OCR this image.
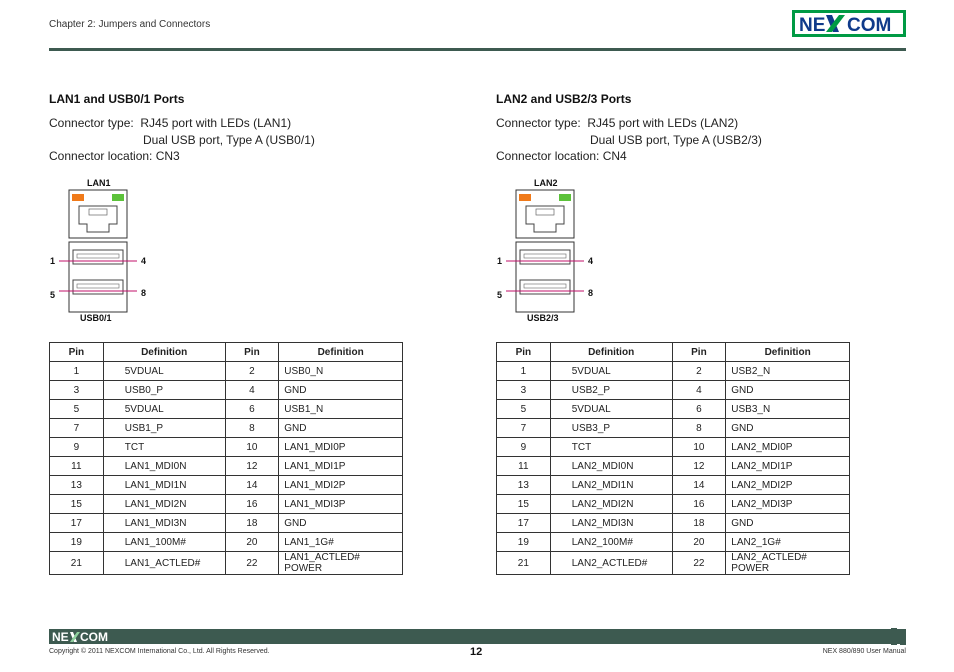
Chapter 2: Jumpers and Connectors	NE COM
LAN1 and USB0/1 Ports
Connector type: RJ45 port with LEDs (LAN1)
Dual USB port, Type A (USB0/1)
Connector location: CN3
LAN1
1	4
5	8
USB0/1
Pin	Definition	Pin	Definition
1	5VDUAL	2	USB0_N
3	USB0_P	4	GND
5	5VDUAL	6	USB1_N
7	USB1_P	8	GND
9	TCT	10	LAN1_MDI0P
11	LAN1_MDI0N	12	LAN1_MDI1P
13	LAN1_MDI1N	14	LAN1_MDI2P
15	LAN1_MDI2N	16	LAN1_MDI3P
17	LAN1_MDI3N	18	GND
19	LAN1_100M#	20	LAN1_1G#
21	LAN1_ACTLED#	22	LAN1_ACTLED# POWER
LAN2 and USB2/3 Ports
Connector type: RJ45 port with LEDs (LAN2)
Dual USB port, Type A (USB2/3)
Connector location: CN4
LAN2
1	4
5	8
USB2/3
Pin	Definition	Pin	Definition
1	5VDUAL	2	USB2_N
3	USB2_P	4	GND
5	5VDUAL	6	USB3_N
7	USB3_P	8	GND
9	TCT	10	LAN2_MDI0P
11	LAN2_MDI0N	12	LAN2_MDI1P
13	LAN2_MDI1N	14	LAN2_MDI2P
15	LAN2_MDI2N	16	LAN2_MDI3P
17	LAN2_MDI3N	18	GND
19	LAN2_100M#	20	LAN2_1G#
21	LAN2_ACTLED#	22	LAN2_ACTLED# POWER
NE COM
Copyright © 2011 NEXCOM International Co., Ltd. All Rights Reserved.	12	NEX 880/890 User Manual
